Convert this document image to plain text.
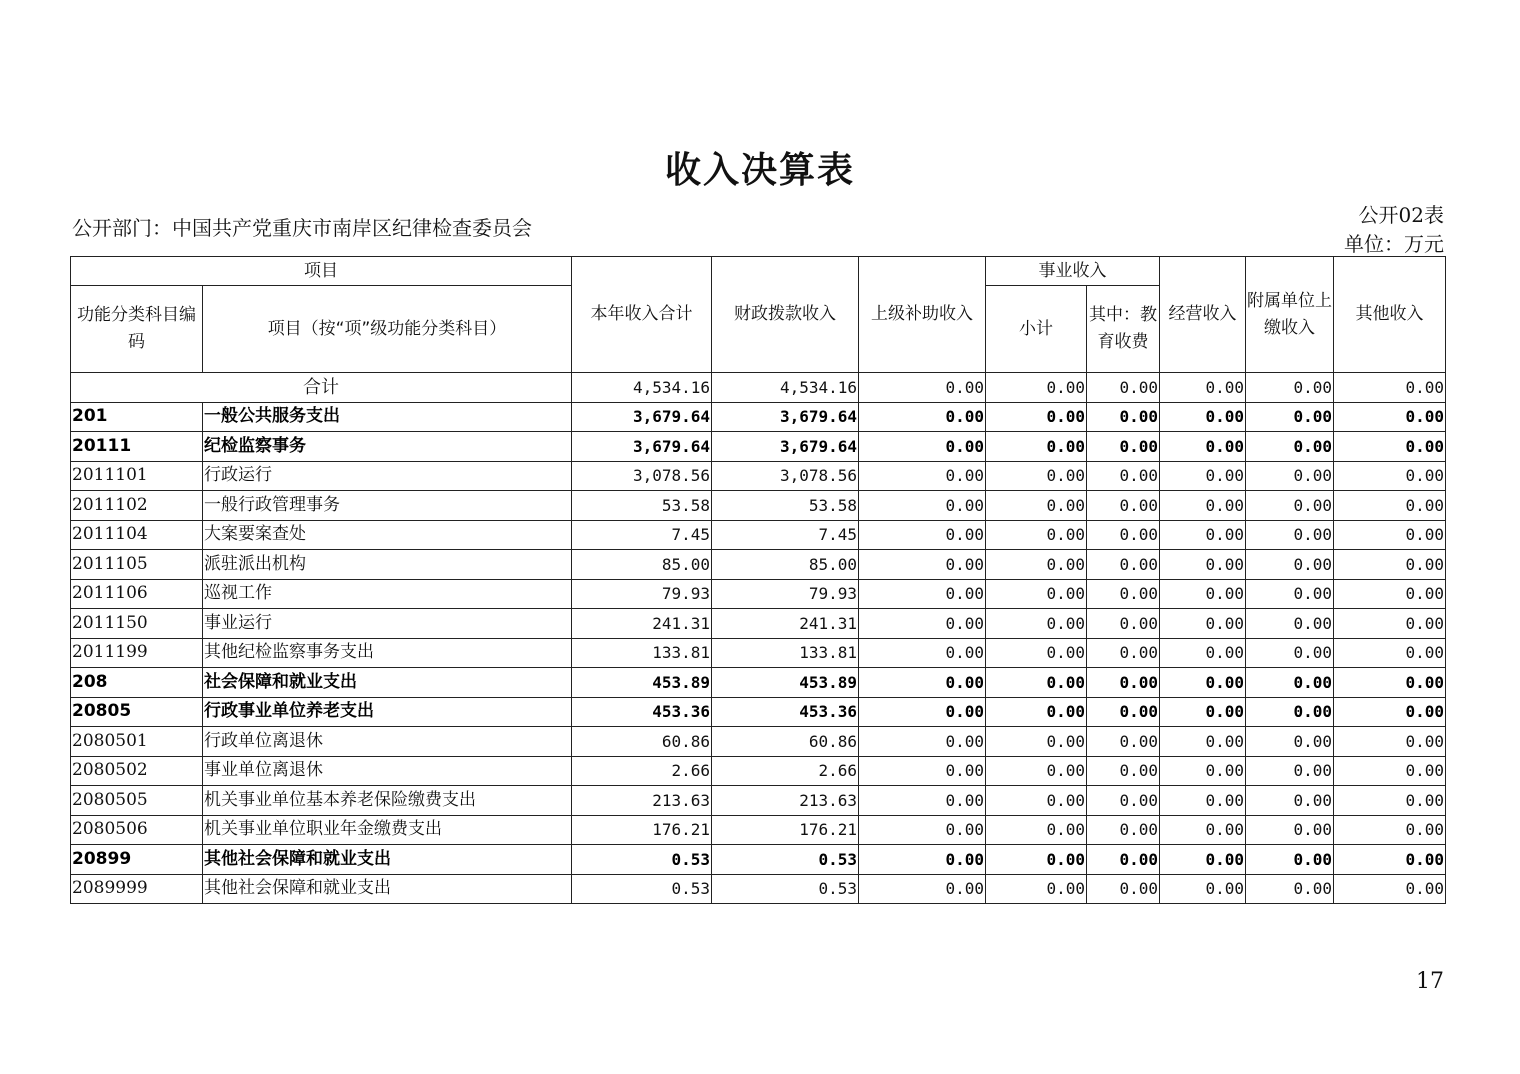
收入决算表
公开部门：中国共产党重庆市南岸区纪律检查委员会
公开02表
单位：万元
项目		本年收入合计	财政拨款收入	上级补助收入	事业收入		经营收入	附属单位上缴收入	其他收入
功能分类科目编码	项目（按“项”级功能分类科目）				小计	其中：教育收费			
合计		4,534.16	4,534.16	0.00	0.00	0.00	0.00	0.00	0.00
201	一般公共服务支出	3,679.64	3,679.64	0.00	0.00	0.00	0.00	0.00	0.00
20111	纪检监察事务	3,679.64	3,679.64	0.00	0.00	0.00	0.00	0.00	0.00
2011101	行政运行	3,078.56	3,078.56	0.00	0.00	0.00	0.00	0.00	0.00
2011102	一般行政管理事务	53.58	53.58	0.00	0.00	0.00	0.00	0.00	0.00
2011104	大案要案查处	7.45	7.45	0.00	0.00	0.00	0.00	0.00	0.00
2011105	派驻派出机构	85.00	85.00	0.00	0.00	0.00	0.00	0.00	0.00
2011106	巡视工作	79.93	79.93	0.00	0.00	0.00	0.00	0.00	0.00
2011150	事业运行	241.31	241.31	0.00	0.00	0.00	0.00	0.00	0.00
2011199	其他纪检监察事务支出	133.81	133.81	0.00	0.00	0.00	0.00	0.00	0.00
208	社会保障和就业支出	453.89	453.89	0.00	0.00	0.00	0.00	0.00	0.00
20805	行政事业单位养老支出	453.36	453.36	0.00	0.00	0.00	0.00	0.00	0.00
2080501	行政单位离退休	60.86	60.86	0.00	0.00	0.00	0.00	0.00	0.00
2080502	事业单位离退休	2.66	2.66	0.00	0.00	0.00	0.00	0.00	0.00
2080505	机关事业单位基本养老保险缴费支出	213.63	213.63	0.00	0.00	0.00	0.00	0.00	0.00
2080506	机关事业单位职业年金缴费支出	176.21	176.21	0.00	0.00	0.00	0.00	0.00	0.00
20899	其他社会保障和就业支出	0.53	0.53	0.00	0.00	0.00	0.00	0.00	0.00
2089999	其他社会保障和就业支出	0.53	0.53	0.00	0.00	0.00	0.00	0.00	0.00
17
